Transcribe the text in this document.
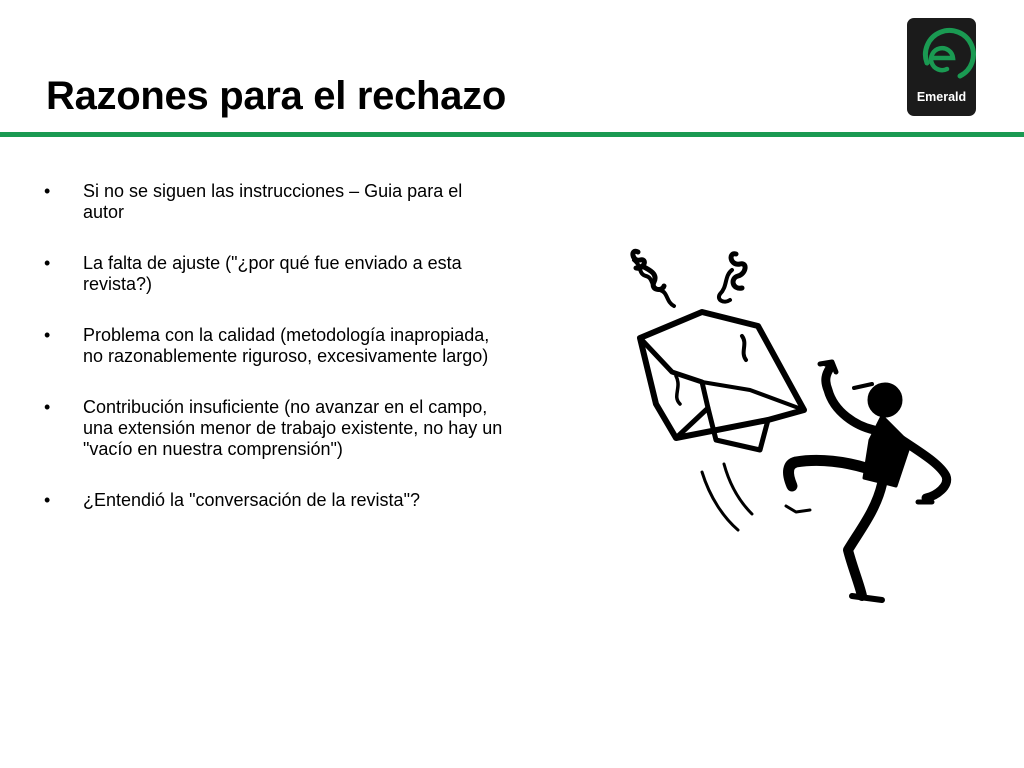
Razones para el rechazo	Emerald
• Si no se siguen las instrucciones – Guia para el autor
• La falta de ajuste ("¿por qué fue enviado a esta revista?)
• Problema con la calidad (metodología inapropiada, no razonablemente riguroso, excesivamente largo)
• Contribución insuficiente (no avanzar en el campo, una extensión menor de trabajo existente, no hay un "vacío en nuestra comprensión")
• ¿Entendió la "conversación de la revista"?
